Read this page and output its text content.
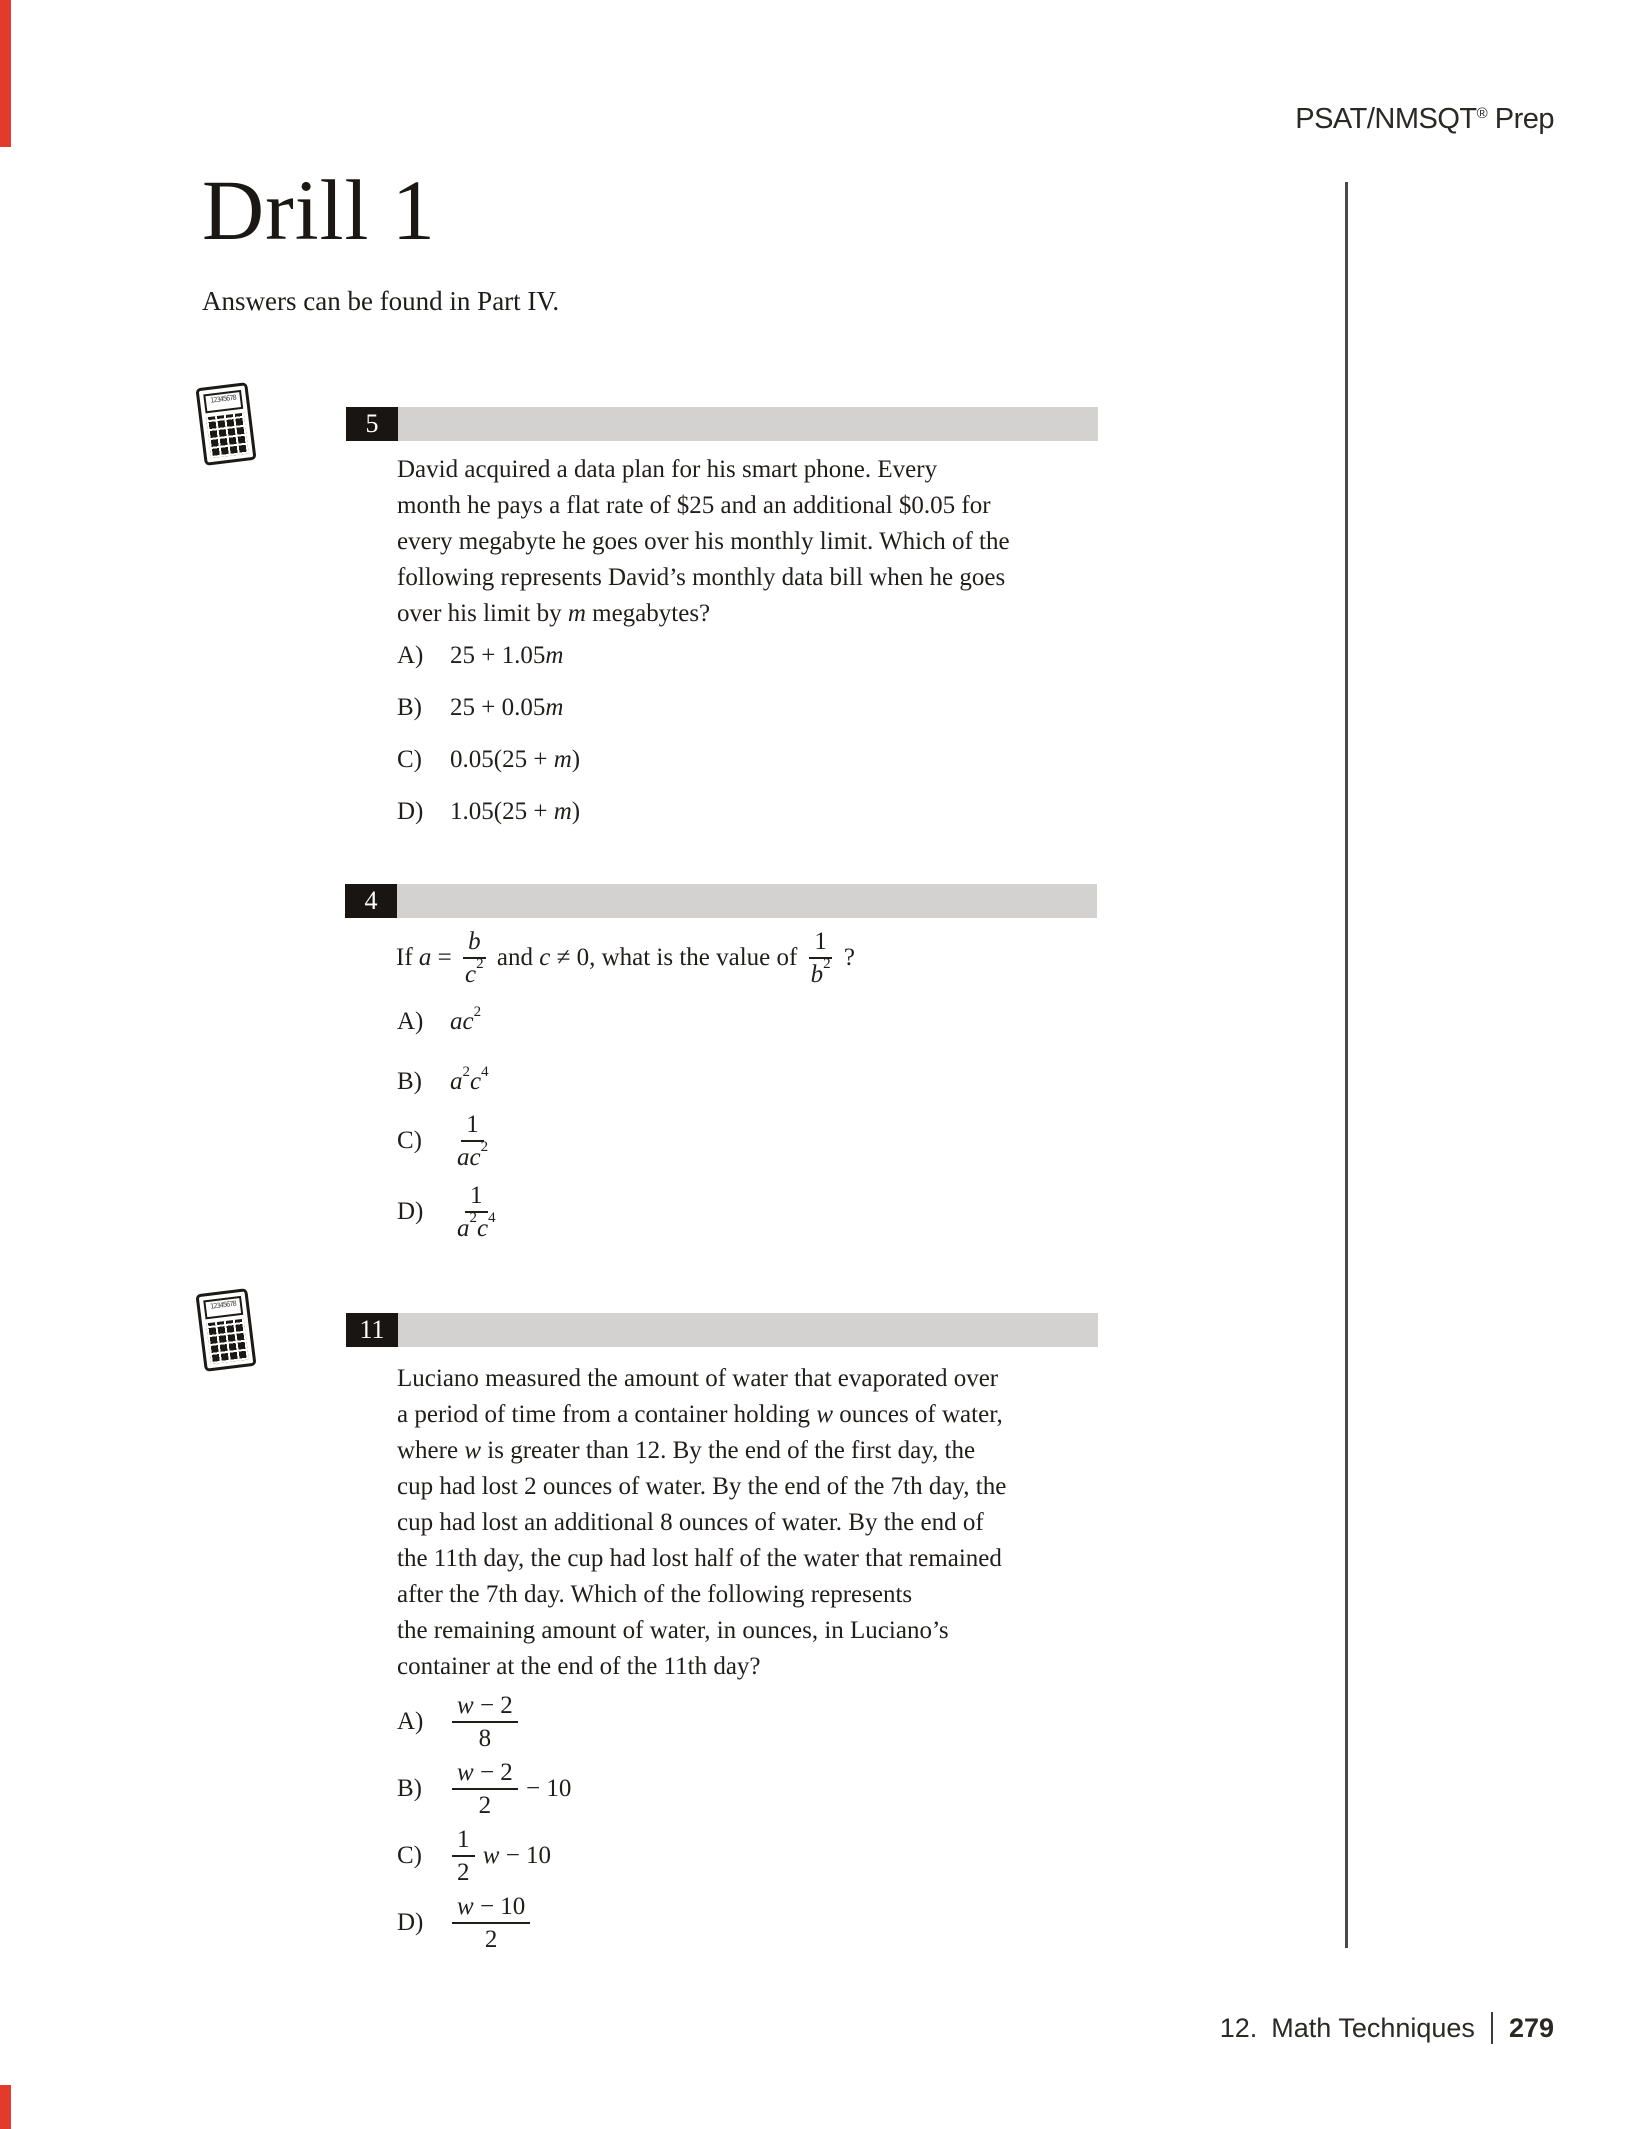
PSAT/NMSQT® Prep
Drill 1

Answers can be found in Part IV.

12345678
5
David acquired a data plan for his smart phone. Every
month he pays a flat rate of $25 and an additional $0.05 for
every megabyte he goes over his monthly limit. Which of the
following represents David’s monthly data bill when he goes
over his limit by m megabytes?
A)	25 + 1.05 m
B)	25 + 0.05 m
C)	0.05(25 + m )
D)	1.05(25 + m )
4
If $a = \frac{b}{c 2}$ and c ≠ 0, what is the value of $\frac{1}{b 2}$ ?
A)	ac 2
B)	a 2 c 4
C)	$\frac{1}{ac 2}$
D)	$\frac{1}{a 2 c 4}$
12345678
11
Luciano measured the amount of water that evaporated over
a period of time from a container holding w ounces of water,
where w is greater than 12. By the end of the first day, the
cup had lost 2 ounces of water. By the end of the 7th day, the
cup had lost an additional 8 ounces of water. By the end of
the 11th day, the cup had lost half of the water that remained
after the 7th day. Which of the following represents
the remaining amount of water, in ounces, in Luciano’s
container at the end of the 11th day?
A)	$\frac{w - 2}{8}$
B)	$\frac{w - 2}{2} - 10$
C)	$\frac{1}{2}$
w − 10
D)	$\frac{w - 10}{2}$
12. Math Techniques 279
